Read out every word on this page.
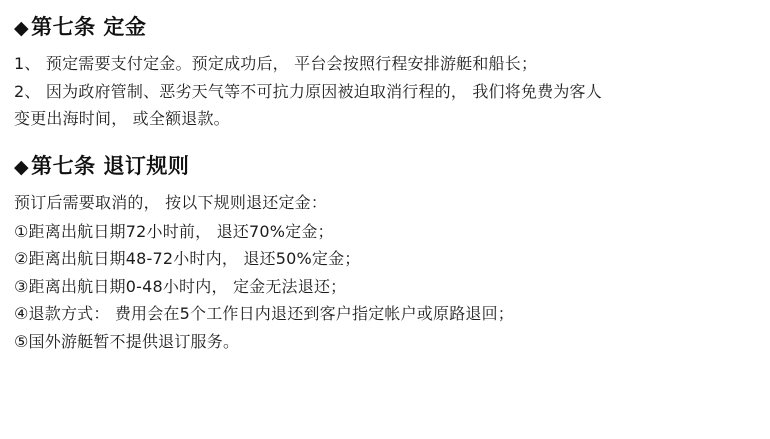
◆ 第七条 定金

1、 预定需要支付定金。预定成功后， 平台会按照行程安排游艇和船长；

2、 因为政府管制、恶劣天气等不可抗力原因被迫取消行程的， 我们将免费为客人

变更出海时间， 或全额退款。

◆ 第七条 退订规则

预订后需要取消的， 按以下规则退还定金：

①距离出航日期72小时前， 退还70%定金；

②距离出航日期48-72小时内， 退还50%定金；

③距离出航日期0-48小时内， 定金无法退还；

④退款方式： 费用会在5个工作日内退还到客户指定帐户或原路退回；

⑤国外游艇暂不提供退订服务。
